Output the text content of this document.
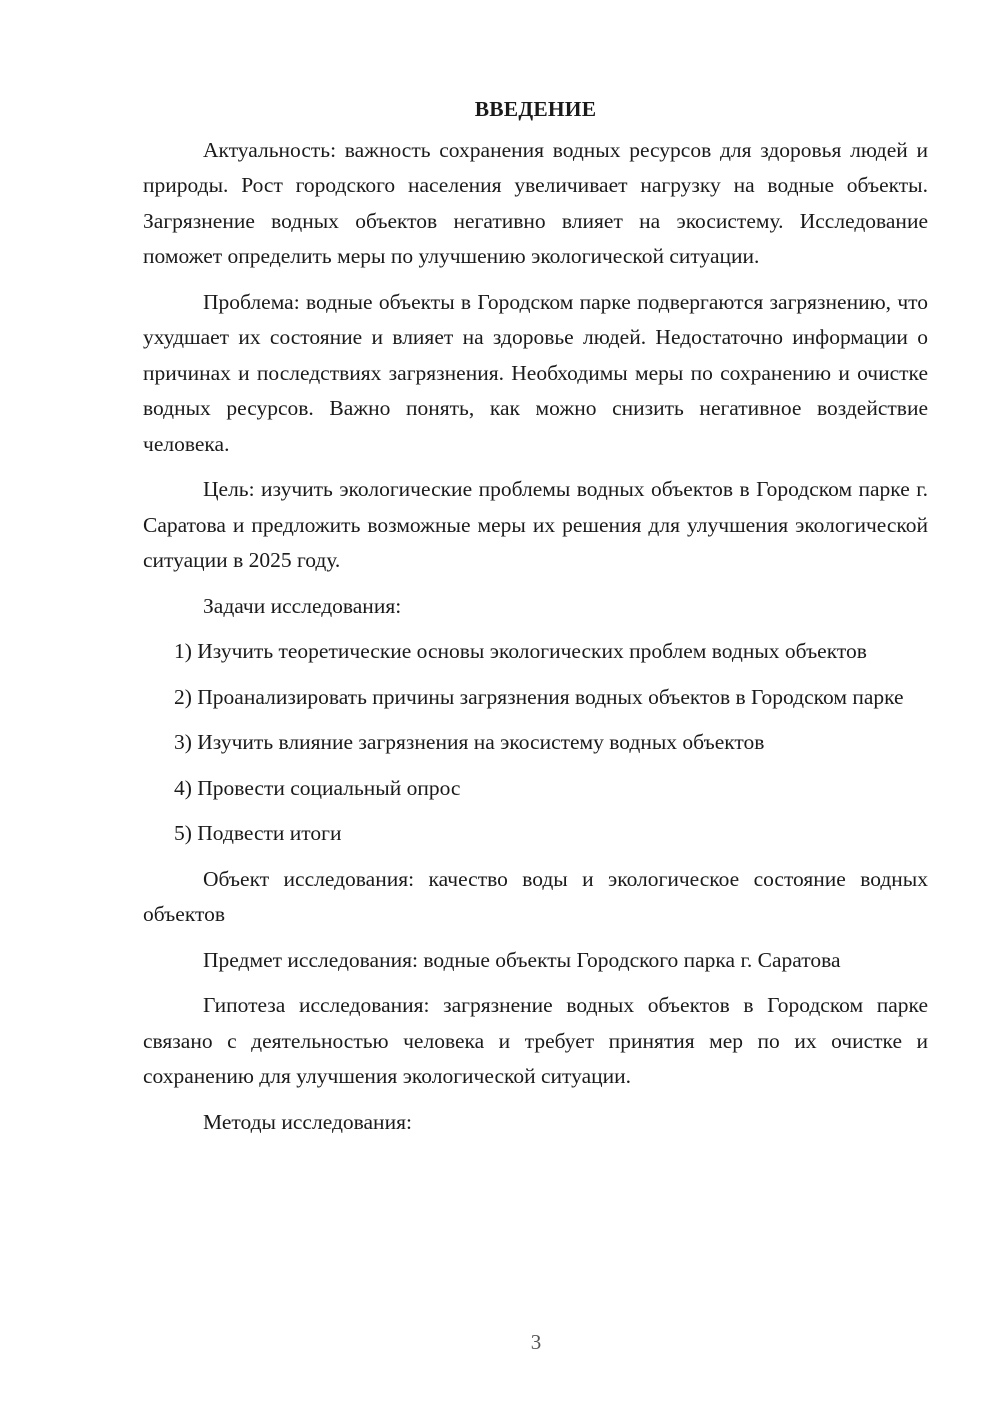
ВВЕДЕНИЕ

Актуальность: важность сохранения водных ресурсов для здоровья людей и природы. Рост городского населения увеличивает нагрузку на водные объекты. Загрязнение водных объектов негативно влияет на экосистему. Исследование поможет определить меры по улучшению экологической ситуации.

Проблема: водные объекты в Городском парке подвергаются загрязнению, что ухудшает их состояние и влияет на здоровье людей. Недостаточно информации о причинах и последствиях загрязнения. Необходимы меры по сохранению и очистке водных ресурсов. Важно понять, как можно снизить негативное воздействие человека.

Цель: изучить экологические проблемы водных объектов в Городском парке г. Саратова и предложить возможные меры их решения для улучшения экологической ситуации в 2025 году.

Задачи исследования:

1) Изучить теоретические основы экологических проблем водных объектов

2) Проанализировать причины загрязнения водных объектов в Городском парке

3) Изучить влияние загрязнения на экосистему водных объектов

4) Провести социальный опрос

5) Подвести итоги

Объект исследования: качество воды и экологическое состояние водных объектов

Предмет исследования: водные объекты Городского парка г. Саратова

Гипотеза исследования: загрязнение водных объектов в Городском парке связано с деятельностью человека и требует принятия мер по их очистке и сохранению для улучшения экологической ситуации.

Методы исследования:

3
